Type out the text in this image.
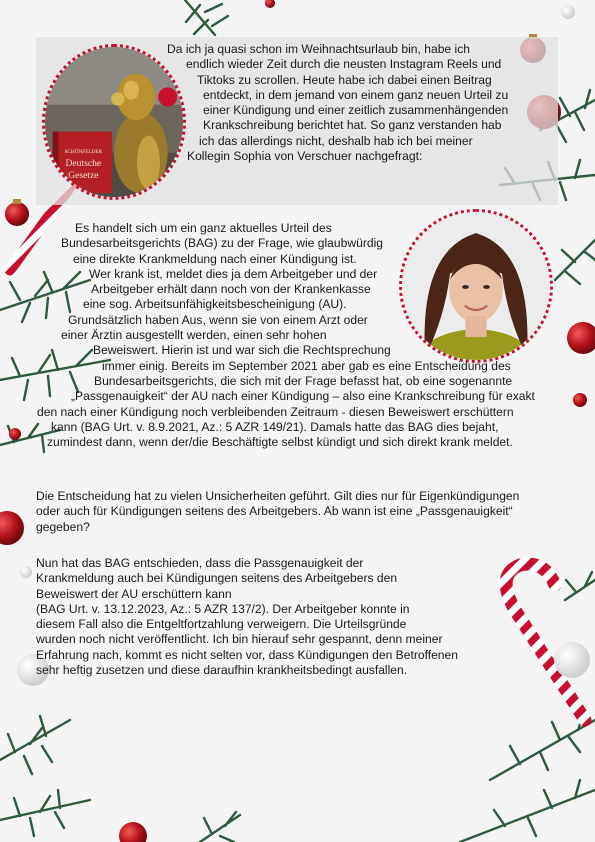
SCHÖNFELDER
Deutsche
Gesetze
Da ich ja quasi schon im Weihnachtsurlaub bin, habe ich
endlich wieder Zeit durch die neusten Instagram Reels und
Tiktoks zu scrollen. Heute habe ich dabei einen Beitrag
entdeckt, in dem jemand von einem ganz neuen Urteil zu
einer Kündigung und einer zeitlich zusammenhängenden
Krankschreibung berichtet hat. So ganz verstanden hab
ich das allerdings nicht, deshalb hab ich bei meiner
Kollegin Sophia von Verschuer nachgefragt:
Es handelt sich um ein ganz aktuelles Urteil des
Bundesarbeitsgerichts (BAG) zu der Frage, wie glaubwürdig
eine direkte Krankmeldung nach einer Kündigung ist.
Wer krank ist, meldet dies ja dem Arbeitgeber und der
Arbeitgeber erhält dann noch von der Krankenkasse
eine sog. Arbeitsunfähigkeitsbescheinigung (AU).
Grundsätzlich haben Aus, wenn sie von einem Arzt oder
einer Ärztin ausgestellt werden, einen sehr hohen
Beweiswert. Hierin ist und war sich die Rechtsprechung
immer einig. Bereits im September 2021 aber gab es eine Entscheidung des
Bundesarbeitsgerichts, die sich mit der Frage befasst hat, ob eine sogenannte
„Passgenauigkeit“ der AU nach einer Kündigung – also eine Krankschreibung für exakt
den nach einer Kündigung noch verbleibenden Zeitraum - diesen Beweiswert erschüttern
kann (BAG Urt. v. 8.9.2021, Az.: 5 AZR 149/21). Damals hatte das BAG dies bejaht,
zumindest dann, wenn der/die Beschäftigte selbst kündigt und sich direkt krank meldet.
Die Entscheidung hat zu vielen Unsicherheiten geführt. Gilt dies nur für Eigenkündigungen
oder auch für Kündigungen seitens des Arbeitgebers. Ab wann ist eine „Passgenauigkeit“
gegeben?
Nun hat das BAG entschieden, dass die Passgenauigkeit der
Krankmeldung auch bei Kündigungen seitens des Arbeitgebers den
Beweiswert der AU erschüttern kann
(BAG Urt. v. 13.12.2023, Az.: 5 AZR 137/2). Der Arbeitgeber konnte in
diesem Fall also die Entgeltfortzahlung verweigern. Die Urteilsgründe
wurden noch nicht veröffentlicht. Ich bin hierauf sehr gespannt, denn meiner
Erfahrung nach, kommt es nicht selten vor, dass Kündigungen den Betroffenen
sehr heftig zusetzen und diese daraufhin krankheitsbedingt ausfallen.
